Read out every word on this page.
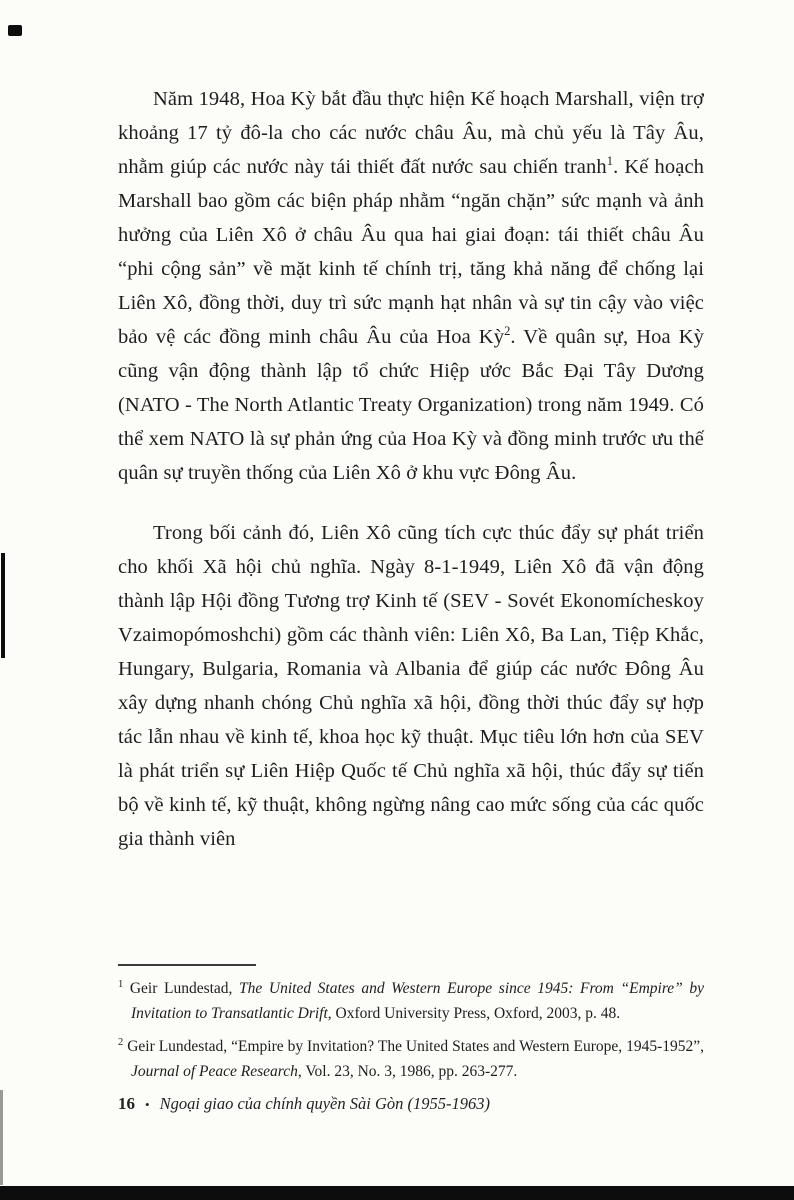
Năm 1948, Hoa Kỳ bắt đầu thực hiện Kế hoạch Marshall, viện trợ khoảng 17 tỷ đô-la cho các nước châu Âu, mà chủ yếu là Tây Âu, nhằm giúp các nước này tái thiết đất nước sau chiến tranh$^1$. Kế hoạch Marshall bao gồm các biện pháp nhằm “ngăn chặn” sức mạnh và ảnh hưởng của Liên Xô ở châu Âu qua hai giai đoạn: tái thiết châu Âu “phi cộng sản” về mặt kinh tế chính trị, tăng khả năng để chống lại Liên Xô, đồng thời, duy trì sức mạnh hạt nhân và sự tin cậy vào việc bảo vệ các đồng minh châu Âu của Hoa Kỳ$^2$. Về quân sự, Hoa Kỳ cũng vận động thành lập tổ chức Hiệp ước Bắc Đại Tây Dương (NATO - The North Atlantic Treaty Organization) trong năm 1949. Có thể xem NATO là sự phản ứng của Hoa Kỳ và đồng minh trước ưu thế quân sự truyền thống của Liên Xô ở khu vực Đông Âu.

Trong bối cảnh đó, Liên Xô cũng tích cực thúc đẩy sự phát triển cho khối Xã hội chủ nghĩa. Ngày 8-1-1949, Liên Xô đã vận động thành lập Hội đồng Tương trợ Kinh tế (SEV - Sovét Ekonomícheskoy Vzaimopómoshchi) gồm các thành viên: Liên Xô, Ba Lan, Tiệp Khắc, Hungary, Bulgaria, Romania và Albania để giúp các nước Đông Âu xây dựng nhanh chóng Chủ nghĩa xã hội, đồng thời thúc đẩy sự hợp tác lẫn nhau về kinh tế, khoa học kỹ thuật. Mục tiêu lớn hơn của SEV là phát triển sự Liên Hiệp Quốc tế Chủ nghĩa xã hội, thúc đẩy sự tiến bộ về kinh tế, kỹ thuật, không ngừng nâng cao mức sống của các quốc gia thành viên

$^1$ Geir Lundestad, The United States and Western Europe since 1945: From “Empire” by Invitation to Transatlantic Drift, Oxford University Press, Oxford, 2003, p. 48.
$^2$ Geir Lundestad, “Empire by Invitation? The United States and Western Europe, 1945-1952”, Journal of Peace Research, Vol. 23, No. 3, 1986, pp. 263-277.
16 • Ngoại giao của chính quyền Sài Gòn (1955-1963)
